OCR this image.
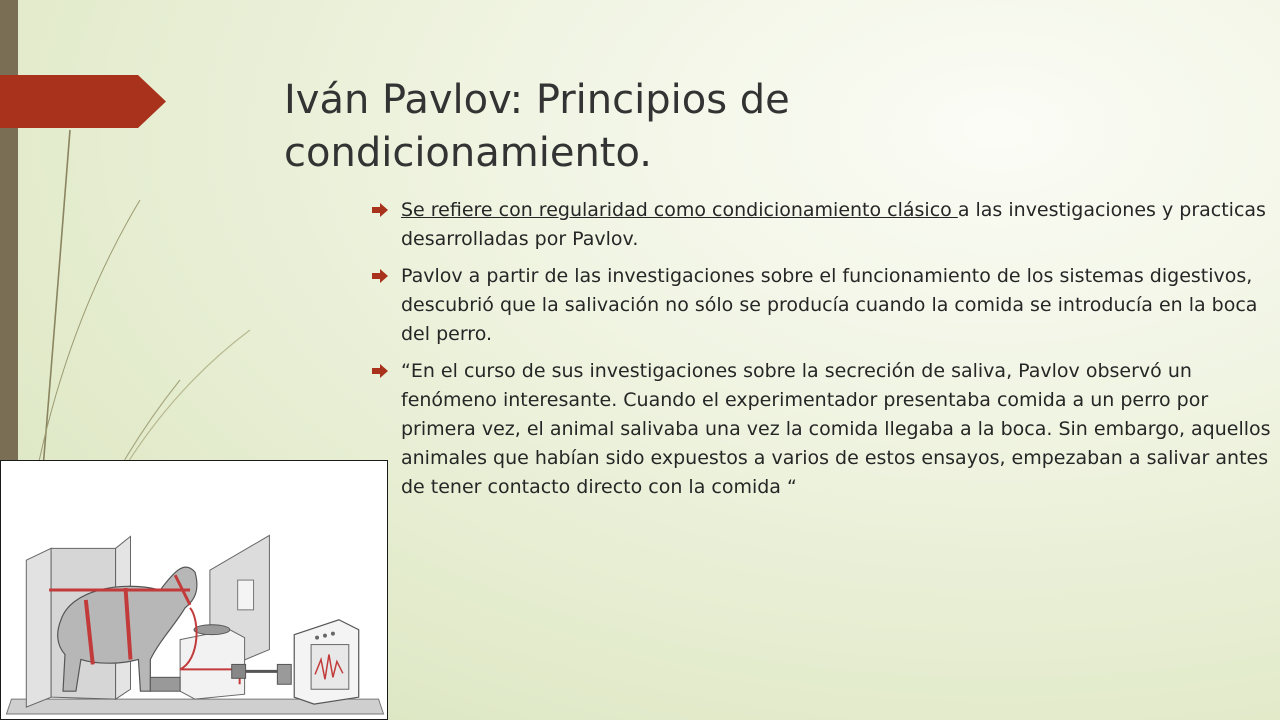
Iván Pavlov: Principios de condicionamiento.
Se refiere con regularidad como condicionamiento clásico a las investigaciones y practicas desarrolladas por Pavlov.
Pavlov a partir de las investigaciones sobre el funcionamiento de los sistemas digestivos, descubrió que la salivación no sólo se producía cuando la comida se introducía en la boca del perro.
“En el curso de sus investigaciones sobre la secreción de saliva, Pavlov observó un fenómeno interesante. Cuando el experimentador presentaba comida a un perro por primera vez, el animal salivaba una vez la comida llegaba a la boca. Sin embargo, aquellos animales que habían sido expuestos a varios de estos ensayos, empezaban a salivar antes de tener contacto directo con la comida “
